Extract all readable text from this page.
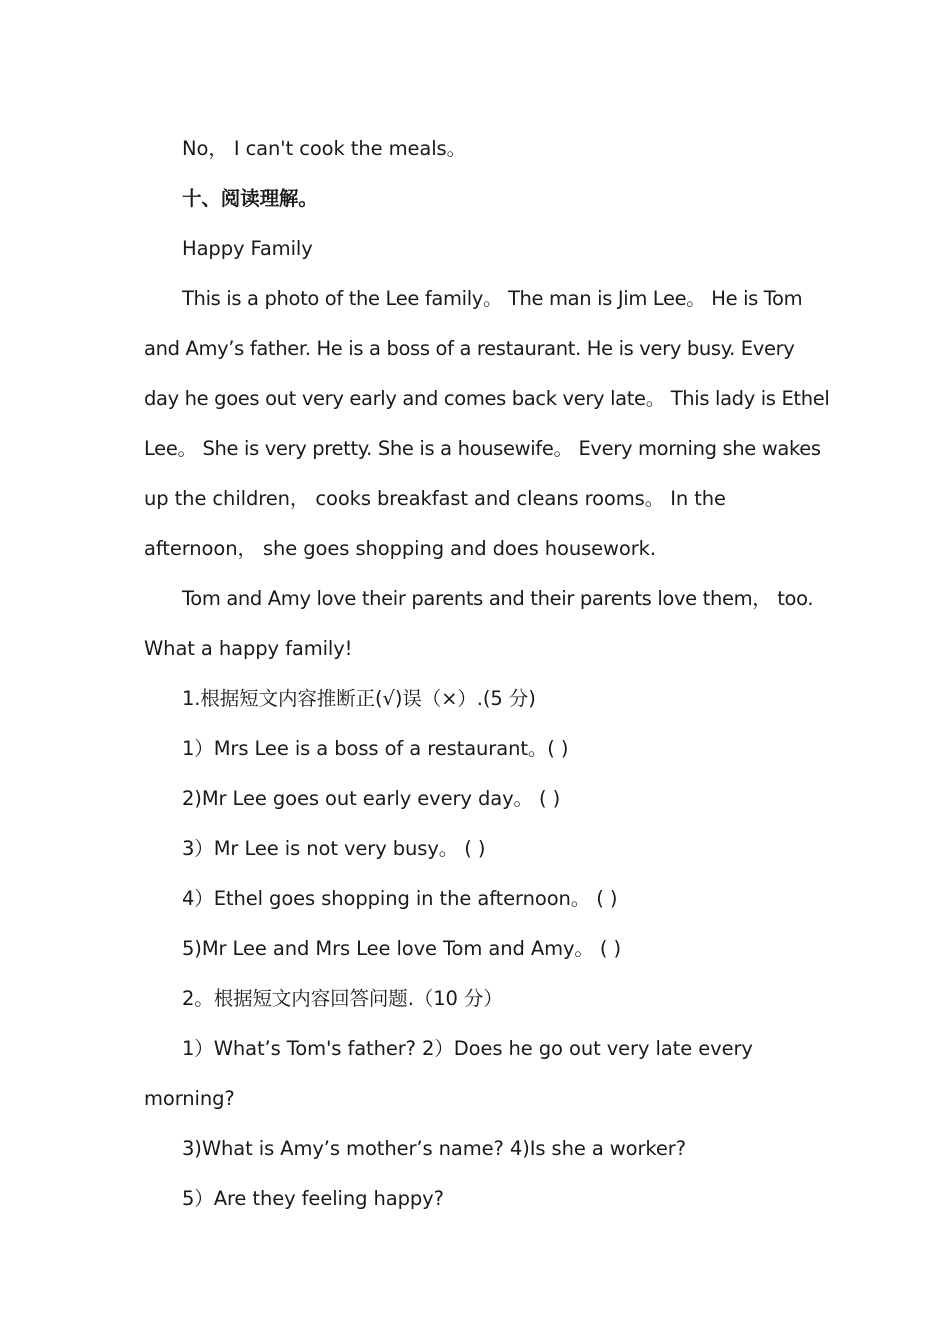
No， I can't cook the meals。
十、阅读理解。
Happy Family
This is a photo of the Lee family。 The man is Jim Lee。 He is Tom
and Amy’s father. He is a boss of a restaurant. He is very busy. Every
day he goes out very early and comes back very late。 This lady is Ethel
Lee。 She is very pretty. She is a housewife。 Every morning she wakes
up the children， cooks breakfast and cleans rooms。 In the
afternoon， she goes shopping and does housework.
Tom and Amy love their parents and their parents love them， too.
What a happy family!
1.根据短文内容推断正(√)误（×）.(5 分)
1）Mrs Lee is a boss of a restaurant。( )
2)Mr Lee goes out early every day。 ( )
3）Mr Lee is not very busy。 ( )
4）Ethel goes shopping in the afternoon。 ( )
5)Mr Lee and Mrs Lee love Tom and Amy。 ( )
2。根据短文内容回答问题.（10 分）
1）What’s Tom's father? 2）Does he go out very late every
morning?
3)What is Amy’s mother’s name? 4)Is she a worker?
5）Are they feeling happy?
